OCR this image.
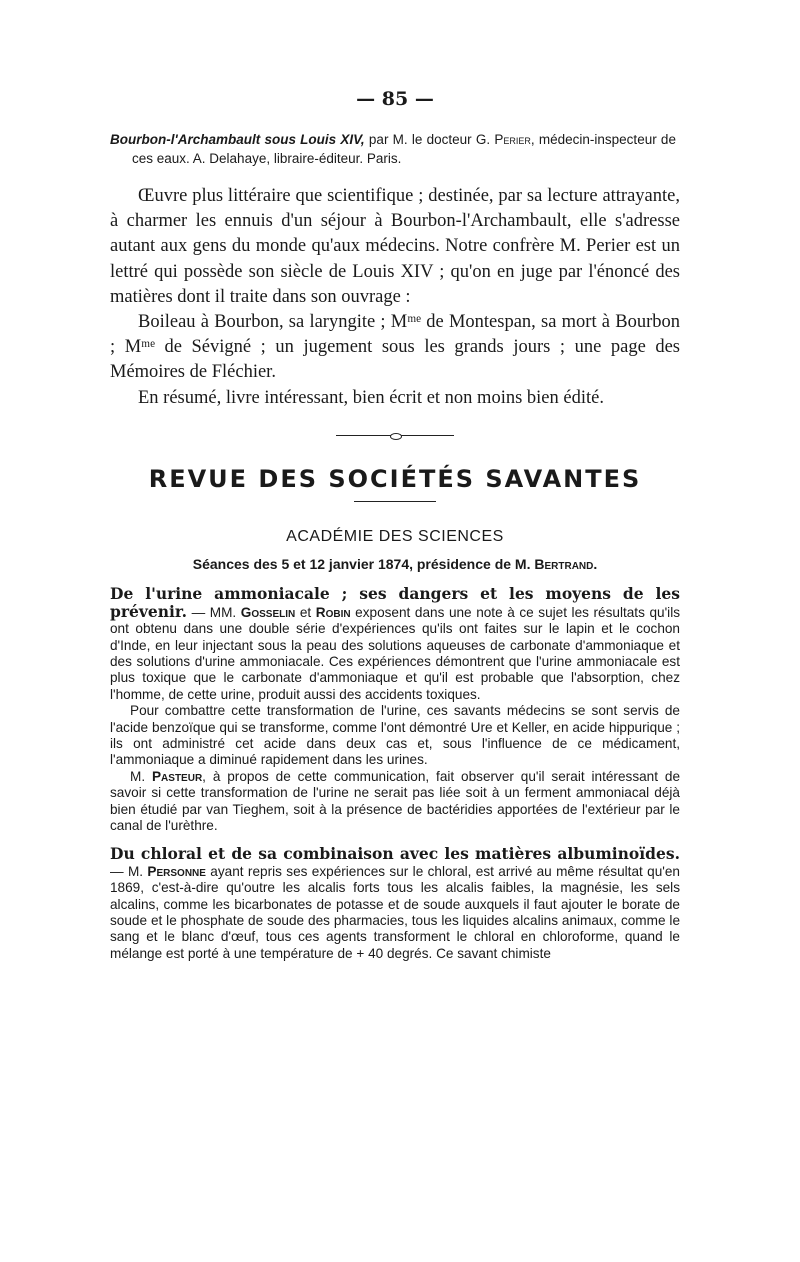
— 85 —

Bourbon-l'Archambault sous Louis XIV, par M. le docteur G. Perier, médecin-inspecteur de ces eaux. A. Delahaye, libraire-éditeur. Paris.

Œuvre plus littéraire que scientifique ; destinée, par sa lecture attrayante, à charmer les ennuis d'un séjour à Bourbon-l'Archambault, elle s'adresse autant aux gens du monde qu'aux médecins. Notre confrère M. Perier est un lettré qui possède son siècle de Louis XIV ; qu'on en juge par l'énoncé des matières dont il traite dans son ouvrage :

Boileau à Bourbon, sa laryngite ; Mᵐᵉ de Montespan, sa mort à Bourbon ; Mᵐᵉ de Sévigné ; un jugement sous les grands jours ; une page des Mémoires de Fléchier.

En résumé, livre intéressant, bien écrit et non moins bien édité.

REVUE DES SOCIÉTÉS SAVANTES
ACADÉMIE DES SCIENCES
Séances des 5 et 12 janvier 1874, présidence de M. Bertrand.

De l'urine ammoniacale ; ses dangers et les moyens de les prévenir. — MM. Gosselin et Robin exposent dans une note à ce sujet les résultats qu'ils ont obtenu dans une double série d'expériences qu'ils ont faites sur le lapin et le cochon d'Inde, en leur injectant sous la peau des solutions aqueuses de carbonate d'ammoniaque et des solutions d'urine ammoniacale. Ces expériences démontrent que l'urine ammoniacale est plus toxique que le carbonate d'ammoniaque et qu'il est probable que l'absorption, chez l'homme, de cette urine, produit aussi des accidents toxiques.

Pour combattre cette transformation de l'urine, ces savants médecins se sont servis de l'acide benzoïque qui se transforme, comme l'ont démontré Ure et Keller, en acide hippurique ; ils ont administré cet acide dans deux cas et, sous l'influence de ce médicament, l'ammoniaque a diminué rapidement dans les urines.

M. Pasteur, à propos de cette communication, fait observer qu'il serait intéressant de savoir si cette transformation de l'urine ne serait pas liée soit à un ferment ammoniacal déjà bien étudié par van Tieghem, soit à la présence de bactéridies apportées de l'extérieur par le canal de l'urèthre.

Du chloral et de sa combinaison avec les matières albuminoïdes. — M. Personne ayant repris ses expériences sur le chloral, est arrivé au même résultat qu'en 1869, c'est-à-dire qu'outre les alcalis forts tous les alcalis faibles, la magnésie, les sels alcalins, comme les bicarbonates de potasse et de soude auxquels il faut ajouter le borate de soude et le phosphate de soude des pharmacies, tous les liquides alcalins animaux, comme le sang et le blanc d'œuf, tous ces agents transforment le chloral en chloroforme, quand le mélange est porté à une température de + 40 degrés. Ce savant chimiste
